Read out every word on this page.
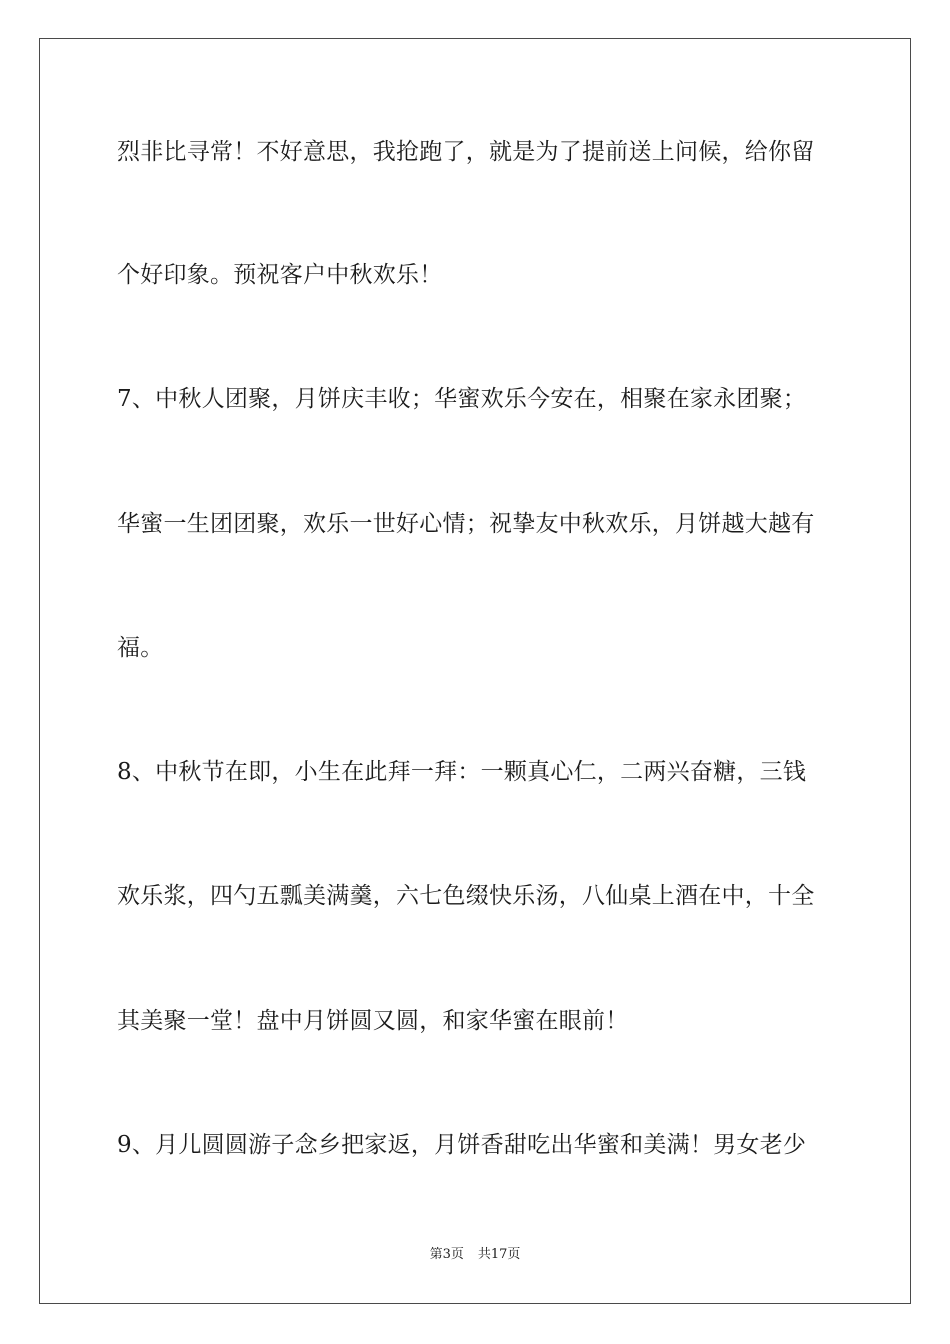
烈非比寻常！不好意思，我抢跑了，就是为了提前送上问候，给你留

个好印象。预祝客户中秋欢乐！

7、中秋人团聚，月饼庆丰收；华蜜欢乐今安在，相聚在家永团聚；

华蜜一生团团聚，欢乐一世好心情；祝挚友中秋欢乐，月饼越大越有

福。

8、中秋节在即，小生在此拜一拜：一颗真心仁，二两兴奋糖，三钱

欢乐浆，四勺五瓢美满羹，六七色缀快乐汤，八仙桌上酒在中，十全

其美聚一堂！盘中月饼圆又圆，和家华蜜在眼前！

9、月儿圆圆游子念乡把家返，月饼香甜吃出华蜜和美满！男女老少

第3页 共17页
